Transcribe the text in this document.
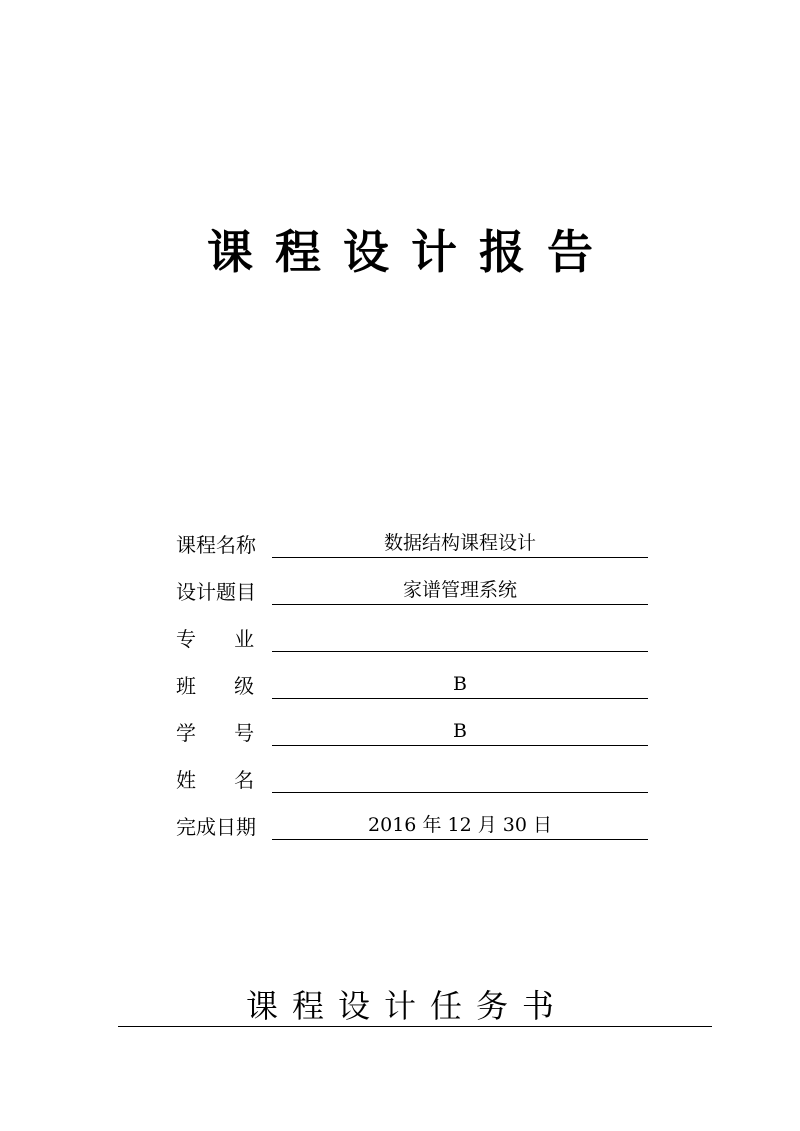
课程设计报告
课程名称	数据结构课程设计
设计题目	家谱管理系统
专      业
班      级	B
学      号	B
姓      名
完成日期	2016 年 12 月 30 日
课程设计任务书
